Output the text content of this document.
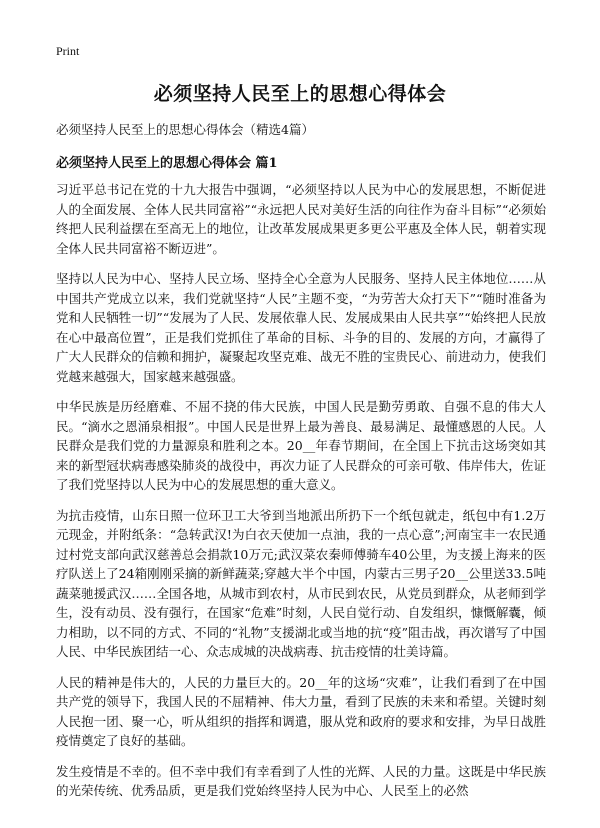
Print
必须坚持人民至上的思想心得体会
必须坚持人民至上的思想心得体会（精选4篇）
必须坚持人民至上的思想心得体会 篇1

习近平总书记在党的十九大报告中强调，“必须坚持以人民为中心的发展思想，不断促进人的全面发展、全体人民共同富裕”“永远把人民对美好生活的向往作为奋斗目标”“必须始终把人民利益摆在至高无上的地位，让改革发展成果更多更公平惠及全体人民，朝着实现全体人民共同富裕不断迈进”。

坚持以人民为中心、坚持人民立场、坚持全心全意为人民服务、坚持人民主体地位……从中国共产党成立以来，我们党就坚持“人民”主题不变，“为劳苦大众打天下”“随时准备为党和人民牺牲一切”“发展为了人民、发展依靠人民、发展成果由人民共享”“始终把人民放在心中最高位置”，正是我们党抓住了革命的目标、斗争的目的、发展的方向，才赢得了广大人民群众的信赖和拥护，凝聚起攻坚克难、战无不胜的宝贵民心、前进动力，使我们党越来越强大，国家越来越强盛。

中华民族是历经磨难、不屈不挠的伟大民族，中国人民是勤劳勇敢、自强不息的伟大人民。“滴水之恩涌泉相报”。中国人民是世界上最为善良、最易满足、最懂感恩的人民。人民群众是我们党的力量源泉和胜利之本。20__年春节期间，在全国上下抗击这场突如其来的新型冠状病毒感染肺炎的战役中，再次力证了人民群众的可亲可敬、伟岸伟大，佐证了我们党坚持以人民为中心的发展思想的重大意义。

为抗击疫情，山东日照一位环卫工大爷到当地派出所扔下一个纸包就走，纸包中有1.2万元现金，并附纸条：“急转武汉!为白衣天使加一点油，我的一点心意”;河南宝丰一农民通过村党支部向武汉慈善总会捐款10万元;武汉菜农秦师傅骑车40公里，为支援上海来的医疗队送上了24箱刚刚采摘的新鲜蔬菜;穿越大半个中国，内蒙古三男子20__公里送33.5吨蔬菜驰援武汉……全国各地，从城市到农村，从市民到农民，从党员到群众，从老师到学生，没有动员、没有强行，在国家“危难”时刻，人民自觉行动、自发组织，慷慨解囊，倾力相助，以不同的方式、不同的“礼物”支援湖北或当地的抗“疫”阻击战，再次谱写了中国人民、中华民族团结一心、众志成城的决战病毒、抗击疫情的壮美诗篇。

人民的精神是伟大的，人民的力量巨大的。20__年的这场“灾难”，让我们看到了在中国共产党的领导下，我国人民的不屈精神、伟大力量，看到了民族的未来和希望。关键时刻人民抱一团、聚一心，听从组织的指挥和调遣，服从党和政府的要求和安排，为早日战胜疫情奠定了良好的基础。

发生疫情是不幸的。但不幸中我们有幸看到了人性的光辉、人民的力量。这既是中华民族的光荣传统、优秀品质，更是我们党始终坚持人民为中心、人民至上的必然
